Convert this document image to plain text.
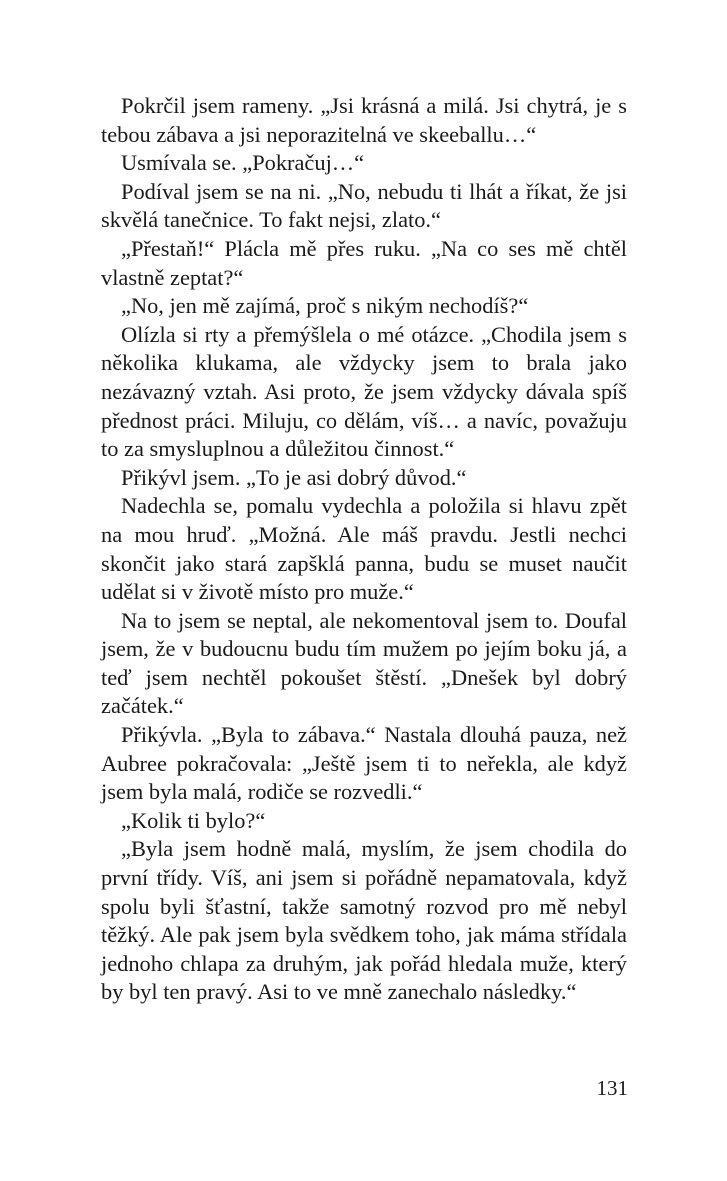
Pokrčil jsem rameny. „Jsi krásná a milá. Jsi chytrá, je s tebou zábava a jsi neporazitelná ve skeeballu…“

Usmívala se. „Pokračuj…“

Podíval jsem se na ni. „No, nebudu ti lhát a říkat, že jsi skvělá tanečnice. To fakt nejsi, zlato.“

„Přestaň!“ Plácla mě přes ruku. „Na co ses mě chtěl vlastně zeptat?“

„No, jen mě zajímá, proč s nikým nechodíš?“

Olízla si rty a přemýšlela o mé otázce. „Chodila jsem s několika klukama, ale vždycky jsem to brala jako nezávazný vztah. Asi proto, že jsem vždycky dávala spíš přednost práci. Miluju, co dělám, víš… a navíc, považuju to za smysluplnou a důležitou činnost.“

Přikývl jsem. „To je asi dobrý důvod.“

Nadechla se, pomalu vydechla a položila si hlavu zpět na mou hruď. „Možná. Ale máš pravdu. Jestli nechci skončit jako stará zapšklá panna, budu se muset naučit udělat si v životě místo pro muže.“

Na to jsem se neptal, ale nekomentoval jsem to. Doufal jsem, že v budoucnu budu tím mužem po jejím boku já, a teď jsem nechtěl pokoušet štěstí. „Dnešek byl dobrý začátek.“

Přikývla. „Byla to zábava.“ Nastala dlouhá pauza, než Aubree pokračovala: „Ještě jsem ti to neřekla, ale když jsem byla malá, rodiče se rozvedli.“

„Kolik ti bylo?“

„Byla jsem hodně malá, myslím, že jsem chodila do první třídy. Víš, ani jsem si pořádně nepamatovala, když spolu byli šťastní, takže samotný rozvod pro mě nebyl těžký. Ale pak jsem byla svědkem toho, jak máma střídala jednoho chlapa za druhým, jak pořád hledala muže, který by byl ten pravý. Asi to ve mně zanechalo následky.“

131
